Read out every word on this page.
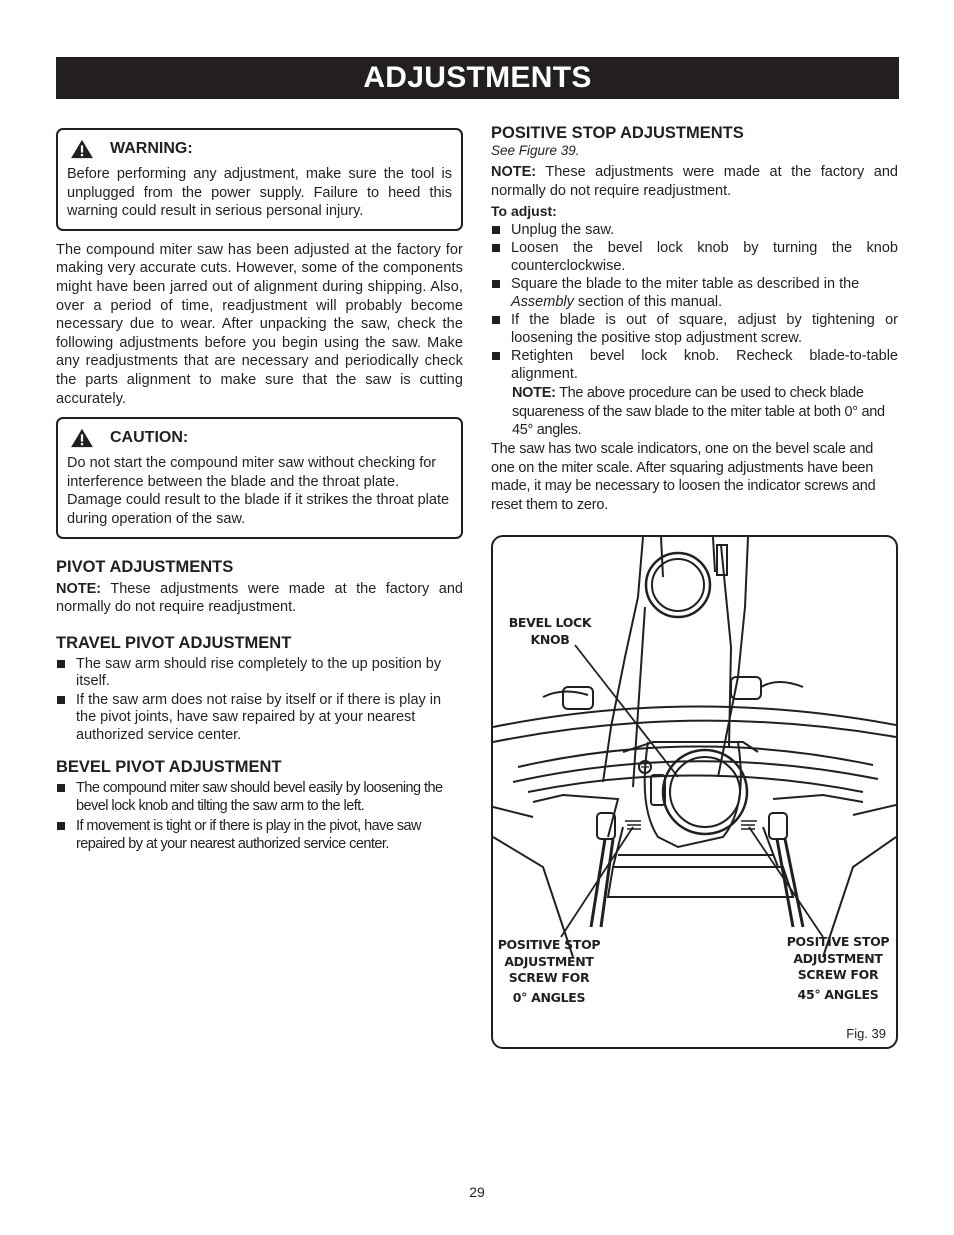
ADJUSTMENTS
WARNING:

Before performing any adjustment, make sure the tool is unplugged from the power supply. Failure to heed this warning could result in serious personal injury.

The compound miter saw has been adjusted at the factory for making very accurate cuts. However, some of the components might have been jarred out of alignment during shipping. Also, over a period of time, readjustment will probably become necessary due to wear. After unpacking the saw, check the following adjustments before you begin using the saw. Make any readjustments that are necessary and periodically check the parts alignment to make sure that the saw is cutting accurately.

CAUTION:

Do not start the compound miter saw without checking for interference between the blade and the throat plate. Damage could result to the blade if it strikes the throat plate during operation of the saw.

PIVOT ADJUSTMENTS

NOTE: These adjustments were made at the factory and normally do not require readjustment.

TRAVEL PIVOT ADJUSTMENT
The saw arm should rise completely to the up position by itself.
If the saw arm does not raise by itself or if there is play in the pivot joints, have saw repaired by at your nearest authorized service center.
BEVEL PIVOT ADJUSTMENT
The compound miter saw should bevel easily by loosening the bevel lock knob and tilting the saw arm to the left.
If movement is tight or if there is play in the pivot, have saw repaired by at your nearest authorized service center.
POSITIVE STOP ADJUSTMENTS

See Figure 39.

NOTE: These adjustments were made at the factory and normally do not require readjustment.

To adjust:

Unplug the saw.
Loosen the bevel lock knob by turning the knob counterclockwise.
Square the blade to the miter table as described in the Assembly section of this manual.
If the blade is out of square, adjust by tightening or loosening the positive stop adjustment screw.
Retighten bevel lock knob. Recheck blade-to-table alignment.

NOTE: The above procedure can be used to check blade squareness of the saw blade to the miter table at both 0° and 45° angles.

The saw has two scale indicators, one on the bevel scale and one on the miter scale. After squaring adjustments have been made, it may be necessary to loosen the indicator screws and reset them to zero.

BEVEL LOCK
KNOB
POSITIVE STOP
ADJUSTMENT
SCREW FOR
0° ANGLES
POSITIVE STOP
ADJUSTMENT
SCREW FOR
45° ANGLES
Fig. 39
29
